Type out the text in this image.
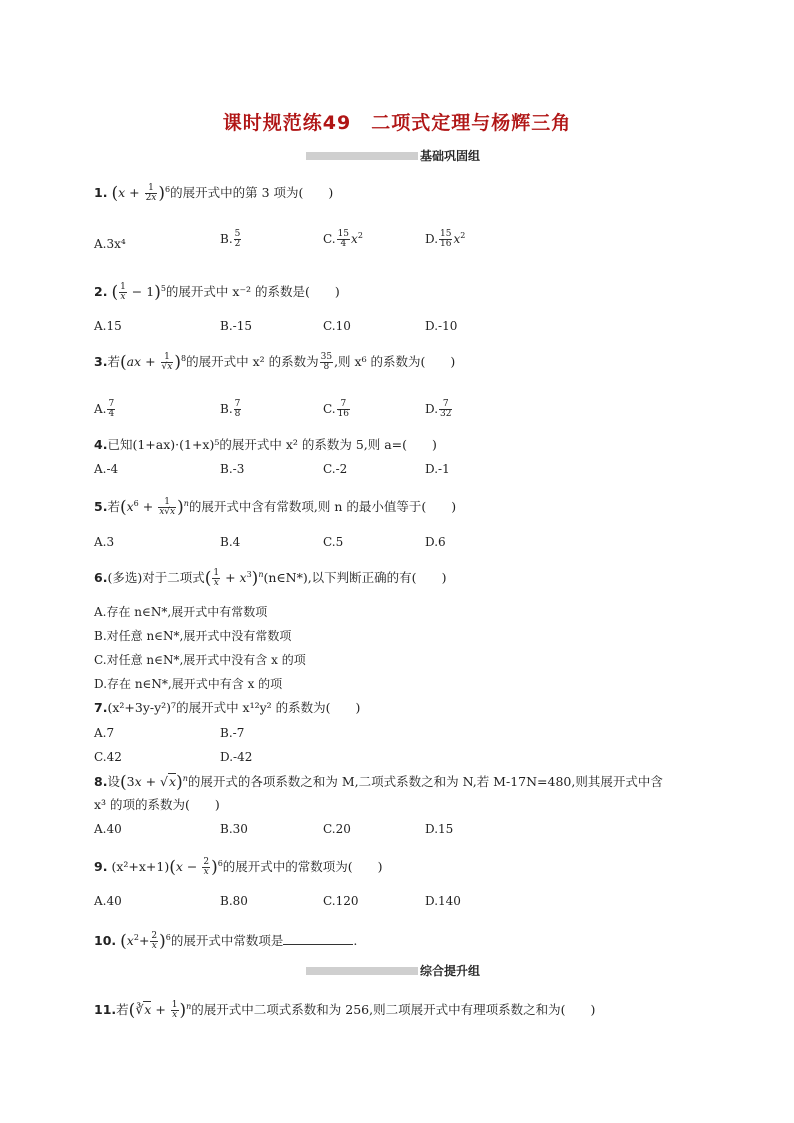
课时规范练49　二项式定理与杨辉三角
基础巩固组
1. $(x + \frac{1}{2x} )^6$的展开式中的第 3 项为(　　)
A.3x⁴	B. $\frac{5}{2}$	C. $\frac{15}{4} x^2$	D. $\frac{15}{16} x^2$
2. ( $\frac{1}{x} - 1)^5$的展开式中 x⁻² 的系数是(　　)
A.15	B.-15	C.10	D.-10
3.若$(ax + \frac{1}{√x} )^8$的展开式中 x² 的系数为 $\frac{35}{8}$ ,则 x⁶ 的系数为(　　)
A. $\frac{7}{4}$	B. $\frac{7}{8}$	C. $\frac{7}{16}$	D. $\frac{7}{32}$
4.已知(1+ax)·(1+x)⁵的展开式中 x² 的系数为 5,则 a=(　　)
A.-4	B.-3	C.-2	D.-1
5.若$(x^6 + \frac{1}{x√x} )^n$的展开式中含有常数项,则 n 的最小值等于(　　)
A.3	B.4	C.5	D.6
6.(多选)对于二项式( $\frac{1}{x}$ + $x^3)^n(n\in N*)$,以下判断正确的有(　　)
A.存在 n∈N*,展开式中有常数项
B.对任意 n∈N*,展开式中没有常数项
C.对任意 n∈N*,展开式中没有含 x 的项
D.存在 n∈N*,展开式中有含 x 的项
7.(x²+3y-y²)⁷的展开式中 x¹²y² 的系数为(　　)
A.7	B.-7
C.42	D.-42
8.设$(3x + √x)^n$的展开式的各项系数之和为 M,二项式系数之和为 N,若 M-17N=480,则其展开式中含
x³ 的项的系数为(　　)
A.40	B.30	C.20	D.15
9. $(x^2+x+1)(x - \frac{2}{x} )^6$的展开式中的常数项为(　　)
A.40	B.80	C.120	D.140
10. $(x^2+ \frac{2}{x} )^6$的展开式中常数项是	.
综合提升组
11.若(∛x + $\frac{1}{x} )^n$的展开式中二项式系数和为 256,则二项展开式中有理项系数之和为(　　)
